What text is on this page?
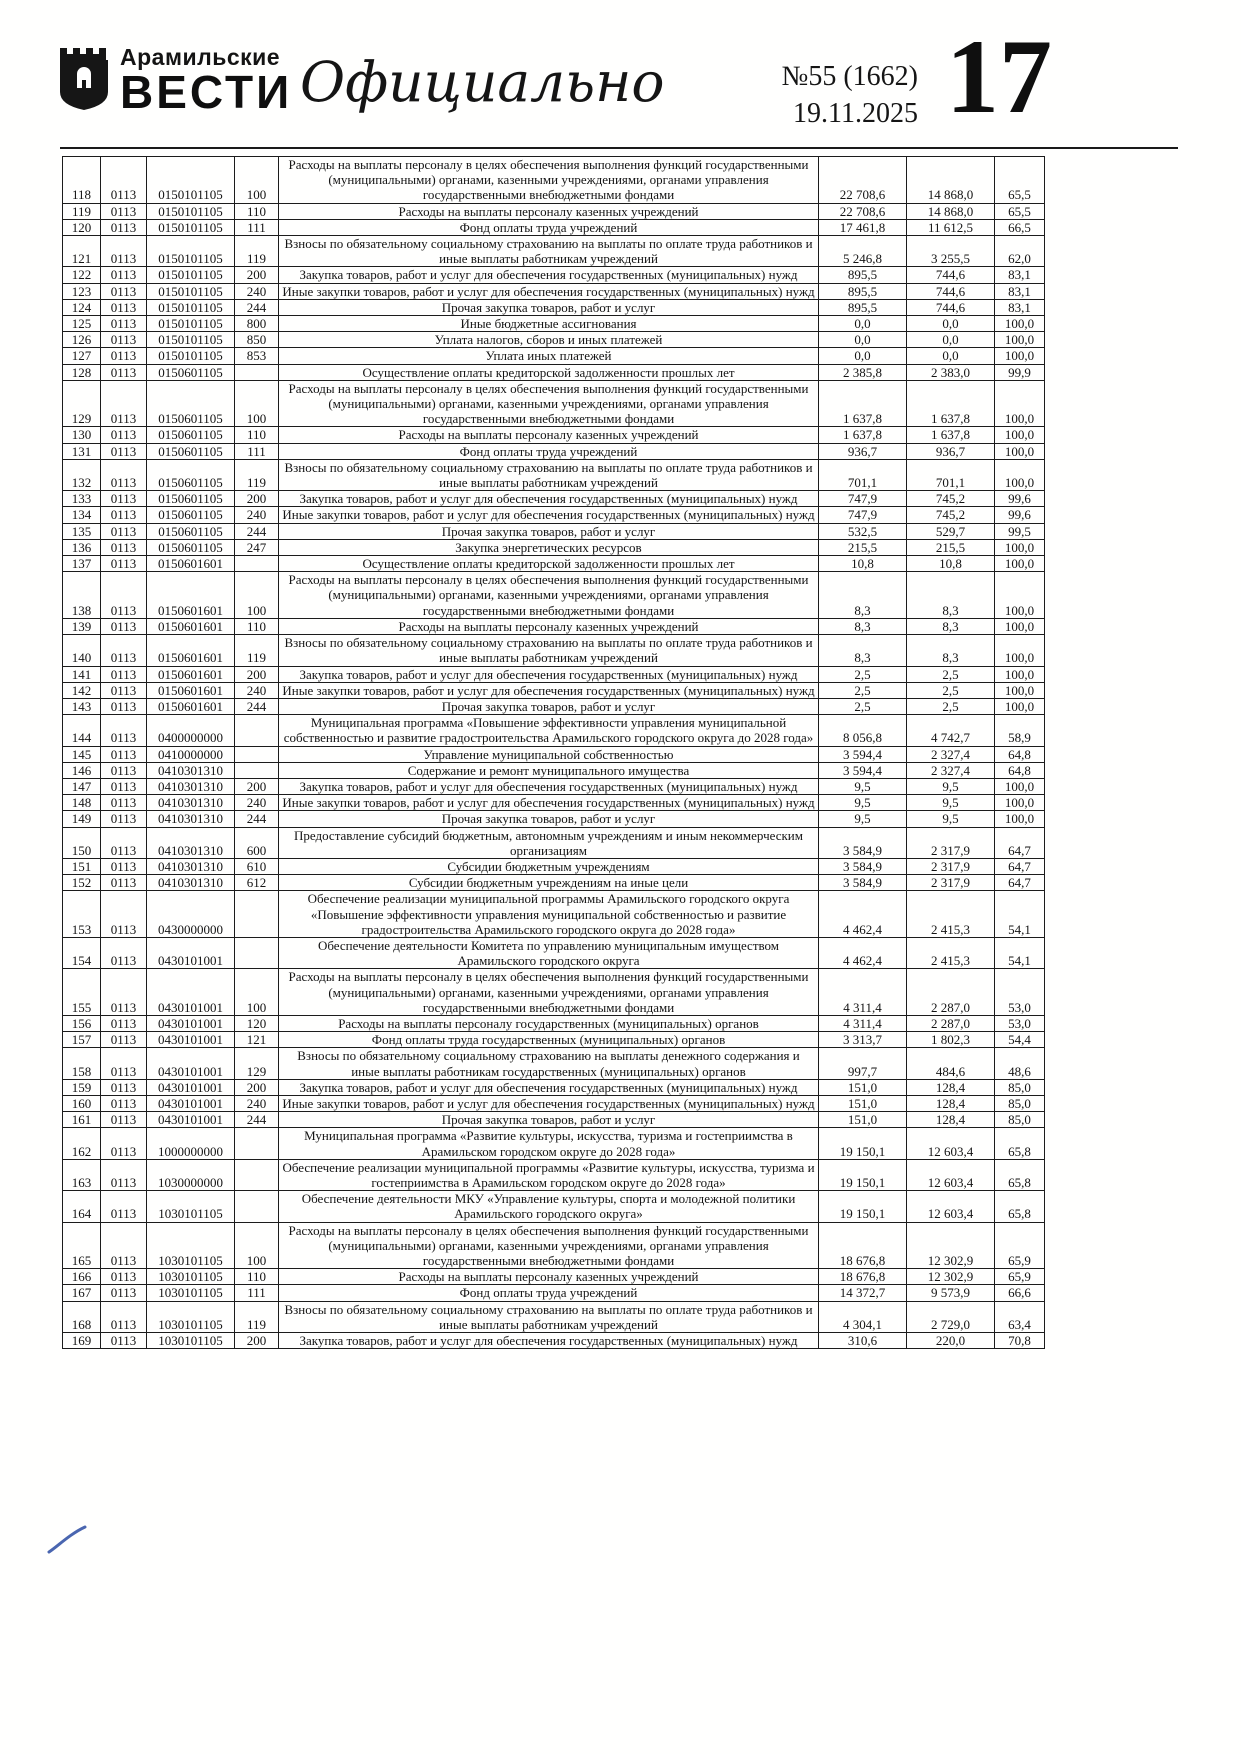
Арамильские
ВЕСТИ Официально	№55 (1662)
19.11.2025 17
118	0113	0150101105	100	Расходы на выплаты персоналу в целях обеспечения выполнения функций государственными (муниципальными) органами, казенными учреждениями, органами управления государственными внебюджетными фондами	22 708,6	14 868,0	65,5
119	0113	0150101105	110	Расходы на выплаты персоналу казенных учреждений	22 708,6	14 868,0	65,5
120	0113	0150101105	111	Фонд оплаты труда учреждений	17 461,8	11 612,5	66,5
121	0113	0150101105	119	Взносы по обязательному социальному страхованию на выплаты по оплате труда работников и иные выплаты работникам учреждений	5 246,8	3 255,5	62,0
122	0113	0150101105	200	Закупка товаров, работ и услуг для обеспечения государственных (муниципальных) нужд	895,5	744,6	83,1
123	0113	0150101105	240	Иные закупки товаров, работ и услуг для обеспечения государственных (муниципальных) нужд	895,5	744,6	83,1
124	0113	0150101105	244	Прочая закупка товаров, работ и услуг	895,5	744,6	83,1
125	0113	0150101105	800	Иные бюджетные ассигнования	0,0	0,0	100,0
126	0113	0150101105	850	Уплата налогов, сборов и иных платежей	0,0	0,0	100,0
127	0113	0150101105	853	Уплата иных платежей	0,0	0,0	100,0
128	0113	0150601105		Осуществление оплаты кредиторской задолженности прошлых лет	2 385,8	2 383,0	99,9
129	0113	0150601105	100	Расходы на выплаты персоналу в целях обеспечения выполнения функций государственными (муниципальными) органами, казенными учреждениями, органами управления государственными внебюджетными фондами	1 637,8	1 637,8	100,0
130	0113	0150601105	110	Расходы на выплаты персоналу казенных учреждений	1 637,8	1 637,8	100,0
131	0113	0150601105	111	Фонд оплаты труда учреждений	936,7	936,7	100,0
132	0113	0150601105	119	Взносы по обязательному социальному страхованию на выплаты по оплате труда работников и иные выплаты работникам учреждений	701,1	701,1	100,0
133	0113	0150601105	200	Закупка товаров, работ и услуг для обеспечения государственных (муниципальных) нужд	747,9	745,2	99,6
134	0113	0150601105	240	Иные закупки товаров, работ и услуг для обеспечения государственных (муниципальных) нужд	747,9	745,2	99,6
135	0113	0150601105	244	Прочая закупка товаров, работ и услуг	532,5	529,7	99,5
136	0113	0150601105	247	Закупка энергетических ресурсов	215,5	215,5	100,0
137	0113	0150601601		Осуществление оплаты кредиторской задолженности прошлых лет	10,8	10,8	100,0
138	0113	0150601601	100	Расходы на выплаты персоналу в целях обеспечения выполнения функций государственными (муниципальными) органами, казенными учреждениями, органами управления государственными внебюджетными фондами	8,3	8,3	100,0
139	0113	0150601601	110	Расходы на выплаты персоналу казенных учреждений	8,3	8,3	100,0
140	0113	0150601601	119	Взносы по обязательному социальному страхованию на выплаты по оплате труда работников и иные выплаты работникам учреждений	8,3	8,3	100,0
141	0113	0150601601	200	Закупка товаров, работ и услуг для обеспечения государственных (муниципальных) нужд	2,5	2,5	100,0
142	0113	0150601601	240	Иные закупки товаров, работ и услуг для обеспечения государственных (муниципальных) нужд	2,5	2,5	100,0
143	0113	0150601601	244	Прочая закупка товаров, работ и услуг	2,5	2,5	100,0
144	0113	0400000000		Муниципальная программа «Повышение эффективности управления муниципальной собственностью и развитие градостроительства Арамильского городского округа до 2028 года»	8 056,8	4 742,7	58,9
145	0113	0410000000		Управление муниципальной собственностью	3 594,4	2 327,4	64,8
146	0113	0410301310		Содержание и ремонт муниципального имущества	3 594,4	2 327,4	64,8
147	0113	0410301310	200	Закупка товаров, работ и услуг для обеспечения государственных (муниципальных) нужд	9,5	9,5	100,0
148	0113	0410301310	240	Иные закупки товаров, работ и услуг для обеспечения государственных (муниципальных) нужд	9,5	9,5	100,0
149	0113	0410301310	244	Прочая закупка товаров, работ и услуг	9,5	9,5	100,0
150	0113	0410301310	600	Предоставление субсидий бюджетным, автономным учреждениям и иным некоммерческим организациям	3 584,9	2 317,9	64,7
151	0113	0410301310	610	Субсидии бюджетным учреждениям	3 584,9	2 317,9	64,7
152	0113	0410301310	612	Субсидии бюджетным учреждениям на иные цели	3 584,9	2 317,9	64,7
153	0113	0430000000		Обеспечение реализации муниципальной программы Арамильского городского округа «Повышение эффективности управления муниципальной собственностью и развитие градостроительства Арамильского городского округа до 2028 года»	4 462,4	2 415,3	54,1
154	0113	0430101001		Обеспечение деятельности Комитета по управлению муниципальным имуществом Арамильского городского округа	4 462,4	2 415,3	54,1
155	0113	0430101001	100	Расходы на выплаты персоналу в целях обеспечения выполнения функций государственными (муниципальными) органами, казенными учреждениями, органами управления государственными внебюджетными фондами	4 311,4	2 287,0	53,0
156	0113	0430101001	120	Расходы на выплаты персоналу государственных (муниципальных) органов	4 311,4	2 287,0	53,0
157	0113	0430101001	121	Фонд оплаты труда государственных (муниципальных) органов	3 313,7	1 802,3	54,4
158	0113	0430101001	129	Взносы по обязательному социальному страхованию на выплаты денежного содержания и иные выплаты работникам государственных (муниципальных) органов	997,7	484,6	48,6
159	0113	0430101001	200	Закупка товаров, работ и услуг для обеспечения государственных (муниципальных) нужд	151,0	128,4	85,0
160	0113	0430101001	240	Иные закупки товаров, работ и услуг для обеспечения государственных (муниципальных) нужд	151,0	128,4	85,0
161	0113	0430101001	244	Прочая закупка товаров, работ и услуг	151,0	128,4	85,0
162	0113	1000000000		Муниципальная программа «Развитие культуры, искусства, туризма и гостеприимства в Арамильском городском округе до 2028 года»	19 150,1	12 603,4	65,8
163	0113	1030000000		Обеспечение реализации муниципальной программы «Развитие культуры, искусства, туризма и гостеприимства в Арамильском городском округе до 2028 года»	19 150,1	12 603,4	65,8
164	0113	1030101105		Обеспечение деятельности МКУ «Управление культуры, спорта и молодежной политики Арамильского городского округа»	19 150,1	12 603,4	65,8
165	0113	1030101105	100	Расходы на выплаты персоналу в целях обеспечения выполнения функций государственными (муниципальными) органами, казенными учреждениями, органами управления государственными внебюджетными фондами	18 676,8	12 302,9	65,9
166	0113	1030101105	110	Расходы на выплаты персоналу казенных учреждений	18 676,8	12 302,9	65,9
167	0113	1030101105	111	Фонд оплаты труда учреждений	14 372,7	9 573,9	66,6
168	0113	1030101105	119	Взносы по обязательному социальному страхованию на выплаты по оплате труда работников и иные выплаты работникам учреждений	4 304,1	2 729,0	63,4
169	0113	1030101105	200	Закупка товаров, работ и услуг для обеспечения государственных (муниципальных) нужд	310,6	220,0	70,8
